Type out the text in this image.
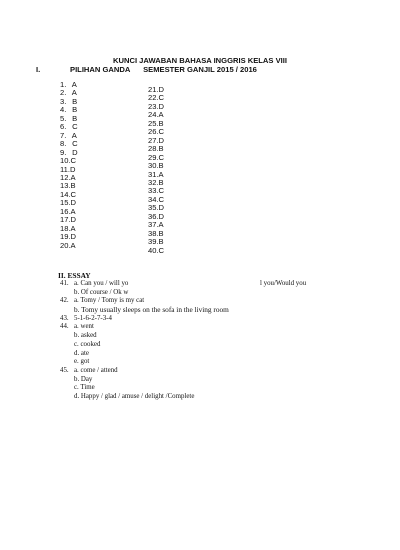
KUNCI JAWABAN BAHASA INGGRIS KELAS VIII
SEMESTER GANJIL 2015 / 2016
I.	PILIHAN GANDA
1. A
2. A
3. B
4. B
5. B
6. C
7. A
8. C
9. D
10.C
11.D
12.A
13.B
14.C
15.D
16.A
17.D
18.A
19.D
20.A
21.D
22.C
23.D
24.A
25.B
26.C
27.D
28.B
29.C
30.B
31.A
32.B
33.C
34.C
35.D
36.D
37.A
38.B
39.B
40.C
II. ESSAY
41. a. Can you / will yo	l you/Would you
b. Of course / Ok w
42. a. Tomy / Tomy is my cat
b. Tomy usually sleeps on the sofa in the living room
43. 5-1-6-2-7-3-4
44. a. went
b. asked
c. cooked
d. ate
e. got
45. a. come / attend
b. Day
c. Time
d. Happy / glad / amuse / delight /Complete
